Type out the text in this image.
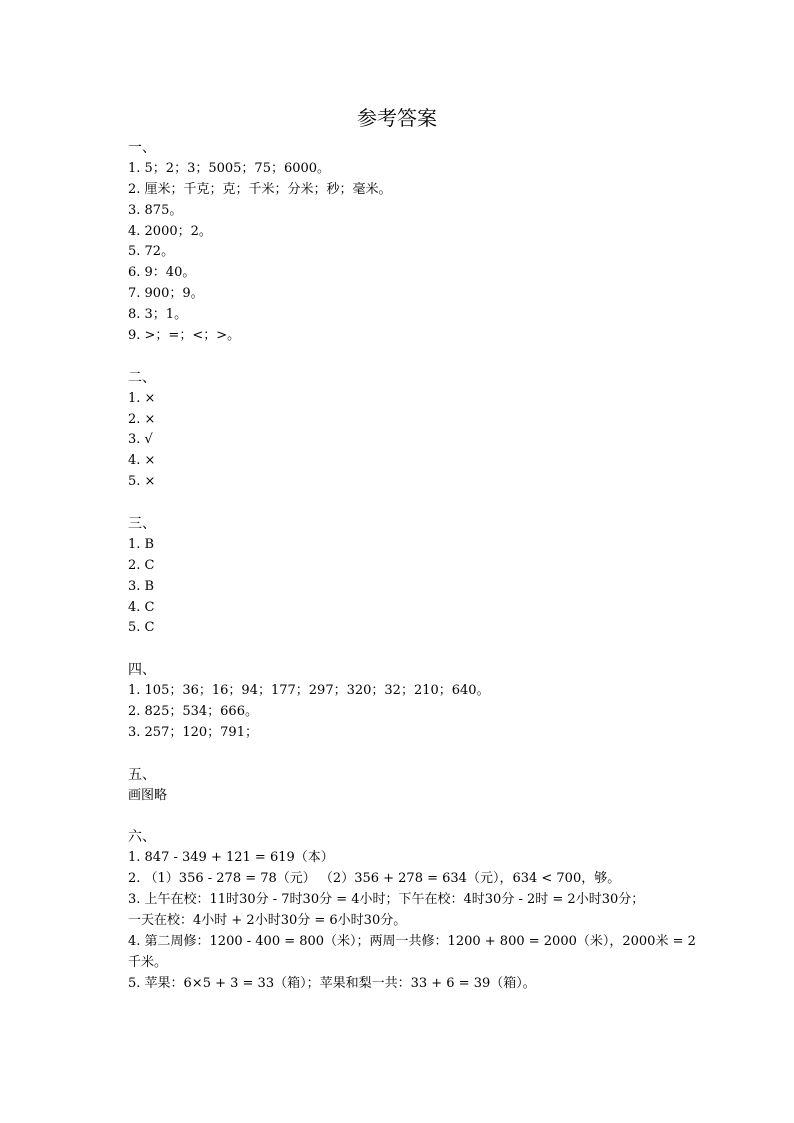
参考答案
一、
1. 5；2；3；5005；75；6000。
2. 厘米；千克；克；千米；分米；秒；毫米。
3. 875。
4. 2000；2。
5. 72。
6. 9：40。
7. 900；9。
8. 3；1。
9. >；=；<；>。
二、
1. ×
2. ×
3. √
4. ×
5. ×
三、
1. B
2. C
3. B
4. C
5. C
四、
1. 105；36；16；94；177；297；320；32；210；640。
2. 825；534；666。
3. 257；120；791；
五、
画图略
六、
1. 847 - 349 + 121 = 619（本）
2. （1）356 - 278 = 78（元） （2）356 + 278 = 634（元），634 < 700，够。
3. 上午在校：11时30分 - 7时30分 = 4小时；下午在校：4时30分 - 2时 = 2小时30分；
一天在校：4小时 + 2小时30分 = 6小时30分。
4. 第二周修：1200 - 400 = 800（米）；两周一共修：1200 + 800 = 2000（米），2000米 = 2
千米。
5. 苹果：6×5 + 3 = 33（箱）；苹果和梨一共：33 + 6 = 39（箱）。
